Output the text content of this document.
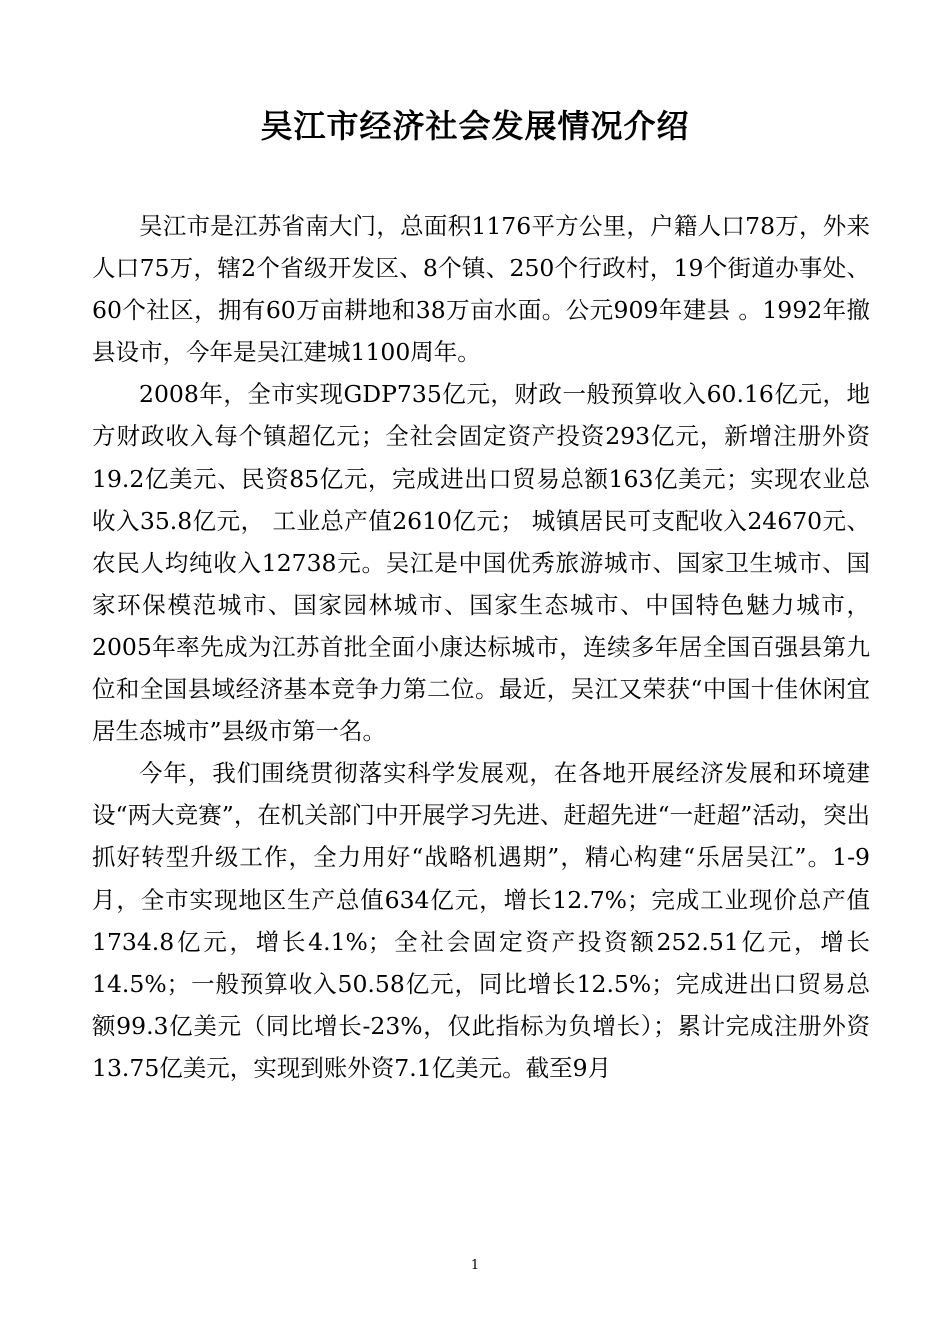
吴江市经济社会发展情况介绍

吴江市是江苏省南大门，总面积1176平方公里，户籍人口78万，外来人口75万，辖2个省级开发区、8个镇、250个行政村，19个街道办事处、60个社区，拥有60万亩耕地和38万亩水面。公元909年建县 。1992年撤县设市，今年是吴江建城1100周年。

2008年，全市实现GDP735亿元，财政一般预算收入60.16亿元，地方财政收入每个镇超亿元；全社会固定资产投资293亿元，新增注册外资19.2亿美元、民资85亿元，完成进出口贸易总额163亿美元；实现农业总收入35.8亿元， 工业总产值2610亿元； 城镇居民可支配收入24670元、农民人均纯收入12738元。吴江是中国优秀旅游城市、国家卫生城市、国家环保模范城市、国家园林城市、国家生态城市、中国特色魅力城市，2005年率先成为江苏首批全面小康达标城市，连续多年居全国百强县第九位和全国县域经济基本竞争力第二位。最近，吴江又荣获“中国十佳休闲宜居生态城市”县级市第一名。

今年，我们围绕贯彻落实科学发展观，在各地开展经济发展和环境建设“两大竞赛”，在机关部门中开展学习先进、赶超先进“一赶超”活动，突出抓好转型升级工作，全力用好“战略机遇期”，精心构建“乐居吴江”。1-9月，全市实现地区生产总值634亿元，增长12.7%；完成工业现价总产值1734.8亿元，增长4.1%；全社会固定资产投资额252.51亿元，增长14.5%；一般预算收入50.58亿元，同比增长12.5%；完成进出口贸易总额99.3亿美元（同比增长-23%，仅此指标为负增长）；累计完成注册外资13.75亿美元，实现到账外资7.1亿美元。截至9月

1
